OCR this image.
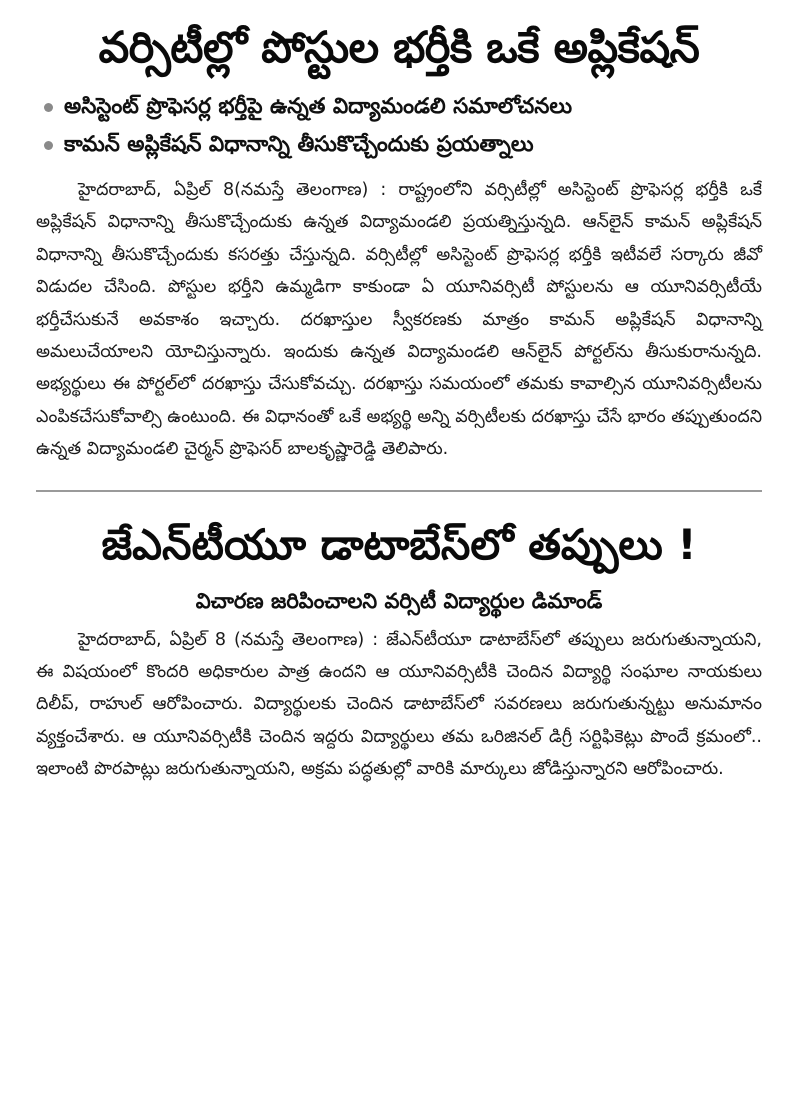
వర్సిటీల్లో పోస్టుల భర్తీకి ఒకే అప్లికేషన్
అసిస్టెంట్ ప్రొఫెసర్ల భర్తీపై ఉన్నత విద్యామండలి సమాలోచనలు
కామన్ అప్లికేషన్ విధానాన్ని తీసుకొచ్చేందుకు ప్రయత్నాలు

హైదరాబాద్, ఏప్రిల్ 8(నమస్తే తెలంగాణ) : రాష్ట్రంలోని వర్సిటీల్లో అసిస్టెంట్ ప్రొఫెసర్ల భర్తీకి ఒకే అప్లికేషన్ విధానాన్ని తీసుకొచ్చేందుకు ఉన్నత విద్యామండలి ప్రయత్నిస్తున్నది. ఆన్‌లైన్ కామన్ అప్లికేషన్ విధానాన్ని తీసుకొచ్చేందుకు కసరత్తు చేస్తున్నది. వర్సిటీల్లో అసిస్టెంట్ ప్రొఫెసర్ల భర్తీకి ఇటీవలే సర్కారు జీవో విడుదల చేసింది. పోస్టుల భర్తీని ఉమ్మడిగా కాకుండా ఏ యూనివర్సిటీ పోస్టులను ఆ యూనివర్సిటీయే భర్తీచేసుకునే అవకాశం ఇచ్చారు. దరఖాస్తుల స్వీకరణకు మాత్రం కామన్ అప్లికేషన్ విధానాన్ని అమలుచేయాలని యోచిస్తున్నారు. ఇందుకు ఉన్నత విద్యామండలి ఆన్‌లైన్ పోర్టల్‌ను తీసుకురానున్నది. అభ్యర్థులు ఈ పోర్టల్‌లో దరఖాస్తు చేసుకోవచ్చు. దరఖాస్తు సమయంలో తమకు కావాల్సిన యూనివర్సిటీలను ఎంపికచేసుకోవాల్సి ఉంటుంది. ఈ విధానంతో ఒకే అభ్యర్థి అన్ని వర్సిటీలకు దరఖాస్తు చేసే భారం తప్పుతుందని ఉన్నత విద్యామండలి చైర్మన్ ప్రొఫెసర్ బాలకృష్ణారెడ్డి తెలిపారు.

జేఎన్‌టీయూ డాటాబేస్‌లో తప్పులు !
విచారణ జరిపించాలని వర్సిటీ విద్యార్థుల డిమాండ్

హైదరాబాద్, ఏప్రిల్ 8 (నమస్తే తెలంగాణ) : జేఎన్‌టీయూ డాటాబేస్‌లో తప్పులు జరుగుతున్నాయని, ఈ విషయంలో కొందరి అధికారుల పాత్ర ఉందని ఆ యూనివర్సిటీకి చెందిన విద్యార్థి సంఘాల నాయకులు దిలీప్, రాహుల్ ఆరోపించారు. విద్యార్థులకు చెందిన డాటాబేస్‌లో సవరణలు జరుగుతున్నట్టు అనుమానం వ్యక్తంచేశారు. ఆ యూనివర్సిటీకి చెందిన ఇద్దరు విద్యార్థులు తమ ఒరిజినల్ డిగ్రీ సర్టిఫికెట్లు పొందే క్రమంలో.. ఇలాంటి పొరపాట్లు జరుగుతున్నాయని, అక్రమ పద్ధతుల్లో వారికి మార్కులు జోడిస్తున్నారని ఆరోపించారు.
